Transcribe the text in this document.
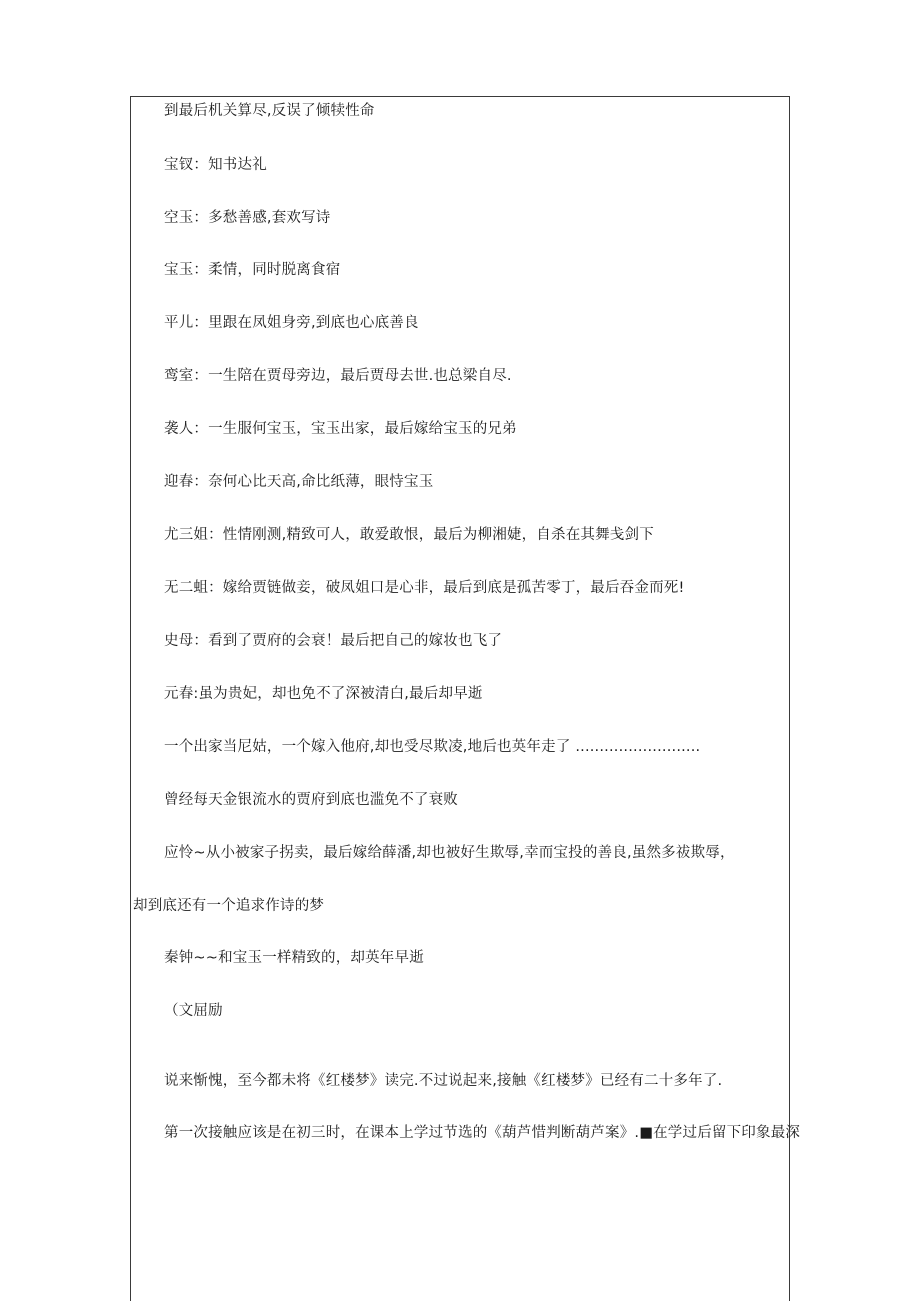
到最后机关算尽,反误了倾犊性命
宝钗：知书达礼
空玉：多愁善感,套欢写诗
宝玉：柔情，同时脱离食宿
平儿：里跟在凤姐身旁,到底也心底善良
鸾室：一生陪在贾母旁边，最后贾母去世.也总梁自尽.
袭人：一生服何宝玉，宝玉出家，最后嫁给宝玉的兄弟
迎春：奈何心比天高,命比纸薄，眼恃宝玉
尤三姐：性情刚测,精致可人，敢爱敢恨，最后为柳湘婕，自杀在其舞戋剑下
无二蛆：嫁给贾链做妾，破凤姐口是心非，最后到底是孤苦零丁，最后吞金而死!
史母：看到了贾府的会衰！最后把自己的嫁妆也飞了
元春:虽为贵妃，却也免不了深被清白,最后却早逝
一个出家当尼姑，一个嫁入他府,却也受尽欺凌,地后也英年走了 ..........................
曾经每天金银流水的贾府到底也滥免不了衰败
应怜~从小被家子拐卖，最后嫁给薛潘,却也被好生欺辱,幸而宝投的善良,虽然多祓欺辱，
却到底还有一个追求作诗的梦
秦钟~~和宝玉一样精致的，却英年早逝
（文屈励
说来惭愧，至今都未将《红楼梦》读完.不过说起来,接触《红楼梦》已经有二十多年了.
第一次接触应该是在初三时，在课本上学过节选的《葫芦惜判断葫芦案》.■在学过后留下印象最深
